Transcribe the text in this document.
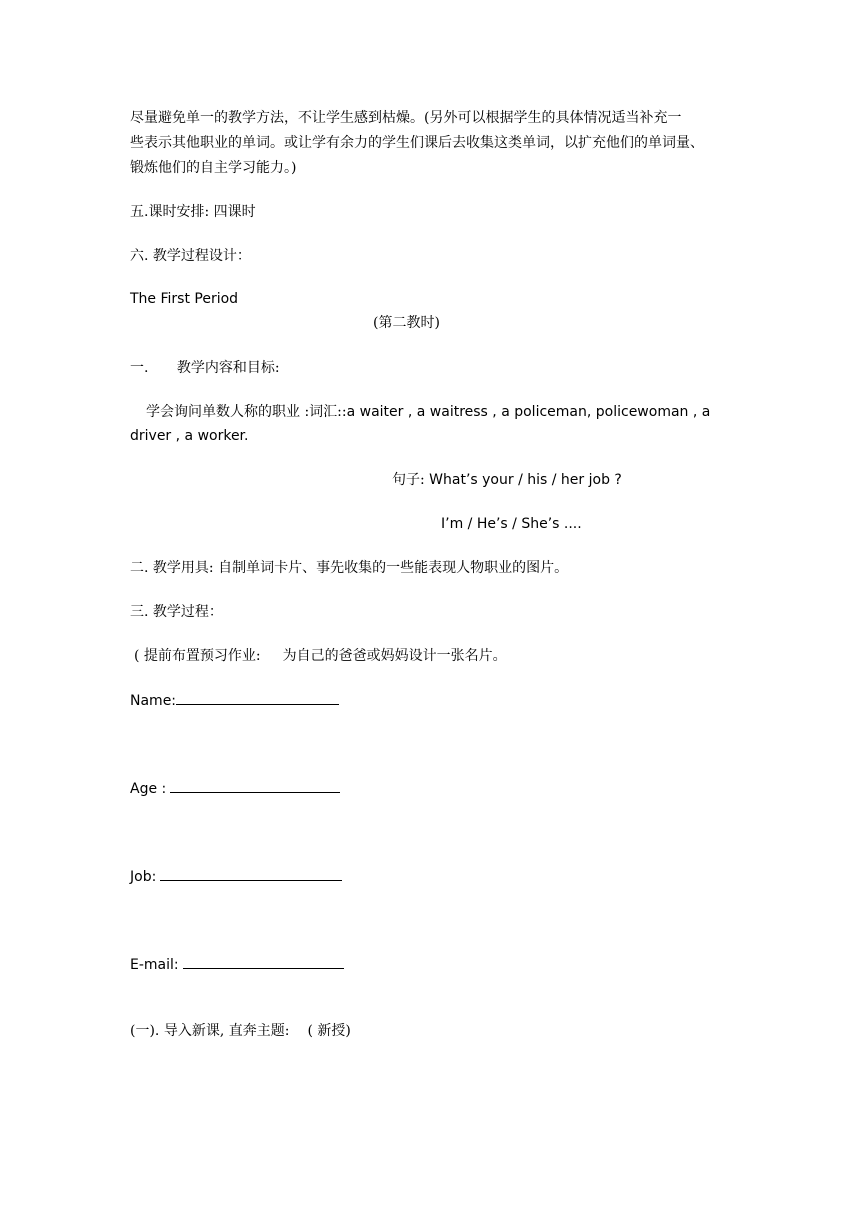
尽量避免单一的教学方法，不让学生感到枯燥。(另外可以根据学生的具体情况适当补充一
些表示其他职业的单词。或让学有余力的学生们课后去收集这类单词，以扩充他们的单词量、
锻炼他们的自主学习能力。)
五.课时安排: 四课时
六. 教学过程设计：
The First Period
(第二教时)
一. 教学内容和目标:
学会询问单数人称的职业 :词汇::a waiter , a waitress , a policeman, policewoman , a
driver , a worker.
句子: What’s your / his / her job ?
I’m / He’s / She’s ....
二. 教学用具: 自制单词卡片、事先收集的一些能表现人物职业的图片。
三. 教学过程：
( 提前布置预习作业: 为自己的爸爸或妈妈设计一张名片。
Name:
Age :
Job:
E-mail:
(一). 导入新课, 直奔主题: ( 新授)
